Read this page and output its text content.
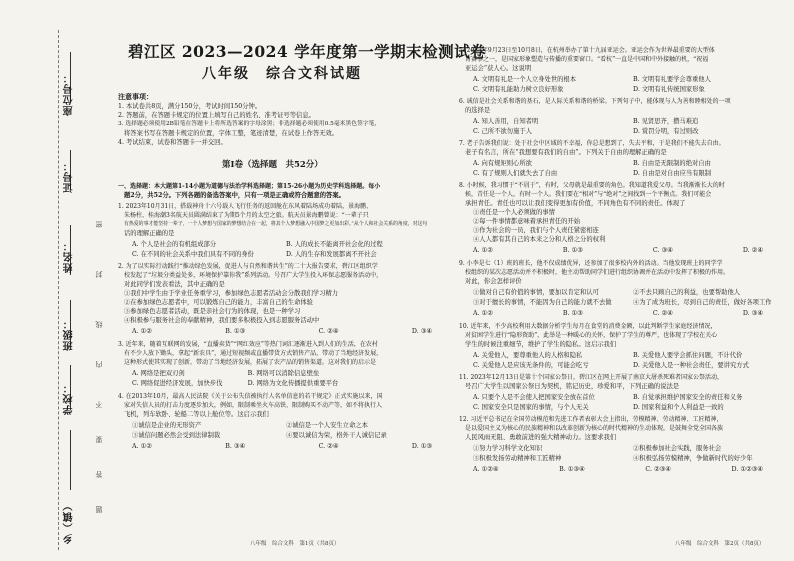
座位号：
证号：
姓名：
班级：
学校：
乡（镇）
密
封
线
内
不
要
答
题
碧江区 2023—2024 学年度第一学期末检测试卷
八年级　综合文科试题
注意事项：
1. 本试卷共8页，满分150分，考试时间150分钟。
2. 答题前，在答题卡规定的位置上填写自己的姓名、准考证号等信息。
3. 选择题必须使用2B铅笔在答题卡上将所选答案的字母涂黑；非选择题必须使用0.5毫米黑色签字笔，
将答案书写在答题卡规定的位置，字体工整，笔迹清楚，在试卷上作答无效。
4. 考试结束，试卷和答题卡一并交回。
第Ⅰ卷（选择题　共52分）
一、选择题：本大题第1-14小题为道德与法治学科选择题；第15-26小题为历史学科选择题。每小
题2分，共52分。下列各题的备选答案中，只有一项是正确或符合题意的答案。
1. 2023年10月31日，搭载神舟十六号载人飞行任务的返回舱在东风着陆场成功着陆，景海鹏、
朱杨柱、桂海潮3名航天员圆满结束了为期5个月的太空之旅。航天员景海鹏曾说：“一辈子只
有热爱的事才能坚持一辈子，一个人梦想与国家的梦想结合在一起，将其个人梦想融入中国梦之更加出彩。”从个人和社会关系的角度，对这句
话的理解正确的是
A. 个人是社会的有机组成部分	B. 人的成长不能离开社会化的过程
C. 在不同的社会关系中我们具有不同的身份	D. 人的生存和发展都离不开社会
2. 为了以实际行动践行“推动绿色发展，促进人与自然和谐共生”的二十大报告要求，碧江区组织学
校发起了“垃圾分类益处多，环境保护靠你我”系列活动。号召广大学生投入环保志愿服务活动中，
对此同学们发表看法，其中正确的是
①我们中学生由于学业任务重学习，参加绿色志愿者活动会分散我们学习精力
②在参加绿色志愿者中，可以锻炼自己的能力，丰富自己的生命体验
③参加绿色志愿者活动，既是亲社会行为的体现，也是一种学习
④积极参与服务社会的奉献精神，我们要多积极投入到志愿服务活动中
A. ①②	B. ①③	C. ②④	D. ③④
3. 近年来，随着互联网的发展，“直播卖货”“网红效应”等热门词汇逐渐进入到人们的生活，在农村
有不少人放下锄头，拿起“新农具”，通过短视频或直播带货方式销售产品，带动了当地经济发展，
这种形式使其实现了创新，带动了当地经济发展，拓展了农产品的销售渠道。这对我们的启示是
A. 网络是把双刃剑　　　　　　　　　　B. 网络可以消除信息壁垒
C. 网络促进经济发展，加快步伐　　　　D. 网络为文化传播提供重要平台
4. 在2013年10月，最高人民法院《关于公布失信被执行人名单信息的若干规定》正式实施以来，国
家对失信人员的打击力度逐步加大，例如，限制乘坐火车高铁、限制购买不动产等，如不将执行人
飞机，列车软卧、轮船二等以上舱位等。这启示我们
①诚信是企业的无形资产	②诚信是一个人安生立命之本
③诚信问题必然会受到法律制裁	④要以诚信为荣，格外干人诚信记录
A. ①②	B. ③④	C. ②④	D. ①③
八年级　综合文科　第1页（共8页）
5. 2023年9月23日至10月8日，在杭州举办了第十九届亚运会。亚运会作为世界最重要的大型体
育赛事之一，是国家形象塑造与传播的重要窗口。“看杭”一直是中国和中外接触的机，“祝福
亚运会”获人心。这说明
A. 文明有礼是一个人立身处世的根本	B. 文明有礼要学会尊重他人
C. 文明有礼能助力树立良好形象	D. 文明有礼传统国家形象
6. 诚信是社会关系和谐的基石，是人际关系和谐的桥梁。下列句子中，能体现与人为善和睦相处的一项
的选择是
A. 知人善用，自知者明	B. 见贤思齐，攒马难追
C. 己所不欲勿施于人	D. 赏罚分明，有过则改
7. 老子告诉我们说：处于社会中区域的不幸福，你总是想到了，失去平和，于是我们不能失去自由。
老子有名言，所在“我想要有我们的自由”。下列关于自由的理解正确的是
A. 向有规矩则心所欲	B. 自由是无限制的绝对自由
C. 有了规则人们就失去了自由	D. 自由是对自由应当有限制
8. 小时候，我习惯于“不屑于”，有时，父母就是最重要的角色。我知道我爱父母。当我渐渐长大的时
候，青任是一个人，有时一个人。我们要在“相对”与“绝对”之间找到一个平衡点。我们可能会
承担青任。青任也可以让我们变得更加有价值，不同角色有不同的责任。体现了
①责任是一个人必须做的事情
②每一件事情都意味着承担青任的开始
③作为社会的一员，我们与个人责任紧密相连
④人人都有其自己的本来之分和人格之分的权利
A. ①②	B. ①③	C. ③④	D. ②④
9. 小李是七（1）班的班长，他不仅成绩优异，还参加了很多校内外的活动。当他发现班上的同学学
校组织的某次志愿活动并不积极时，他主动帮助同学们进行组织协调并在活动中发挥了积极的作用。
对此，你会怎样评价
①做对自己有价值的事情，要加以肯定和认可	②不去只顾自己的利益，也要帮助他人
③对于擅长的事情，不能因为自己的能力就不去做	④为了成为班长，尽到自己的责任，做好各项工作
A. ①②	B. ①③	C. ②④	D. ③④
10. 近年来，不少高校利用大数据分析学生每月在食堂的消费金额，以此判断学生家庭经济情况，
对贫困学生进行“隐形资助”，此举是一种暖心的关怀，保护了学生的尊严，也体现了学校在关心
学生的时候注重细节，维护了学生的隐私。这启示我们
A. 关爱他人，要尊重他人的人格和隐私	B. 关爱他人要学会抓住问题，不计代价
C. 关爱他人是应该无条件的，可能会吃亏	D. 关爱他人是一种社会责任，要讲究方式
11. 2023年12月13日是第十个国家公祭日，碧江区在网上开展了南京大屠杀死难者国家公祭活动，
号召广大学生以国家公祭日为契机，铭记历史，珍爱和平，下列正确的说法是
A. 只要个人是不会使人把国家安全放在首位	B. 自觉承担维护国家安全的责任和义务
C. 国家安全只是国家的事情，与个人无关	D. 国家利益和个人利益是一致的
12. 习近平总书记在全国劳动模范和先进工作者表彰大会上指出，劳模精神、劳动精神、工匠精神，
是以爱国主义为核心的民族精神和以改革创新为核心的时代精神的生动体现，是鼓舞全党全国各族
人民风雨无阻、勇敢前进的强大精神动力。这要求我们
①努力学习科学文化知识	②积极参加社会实践，服务社会
③积极发扬劳动精神和工匠精神	④积极弘扬劳模精神，争做新时代的好少年
A. ①②④	B. ①③④	C. ②③④	D. ①②③④
八年级　综合文科　第2页（共8页）
